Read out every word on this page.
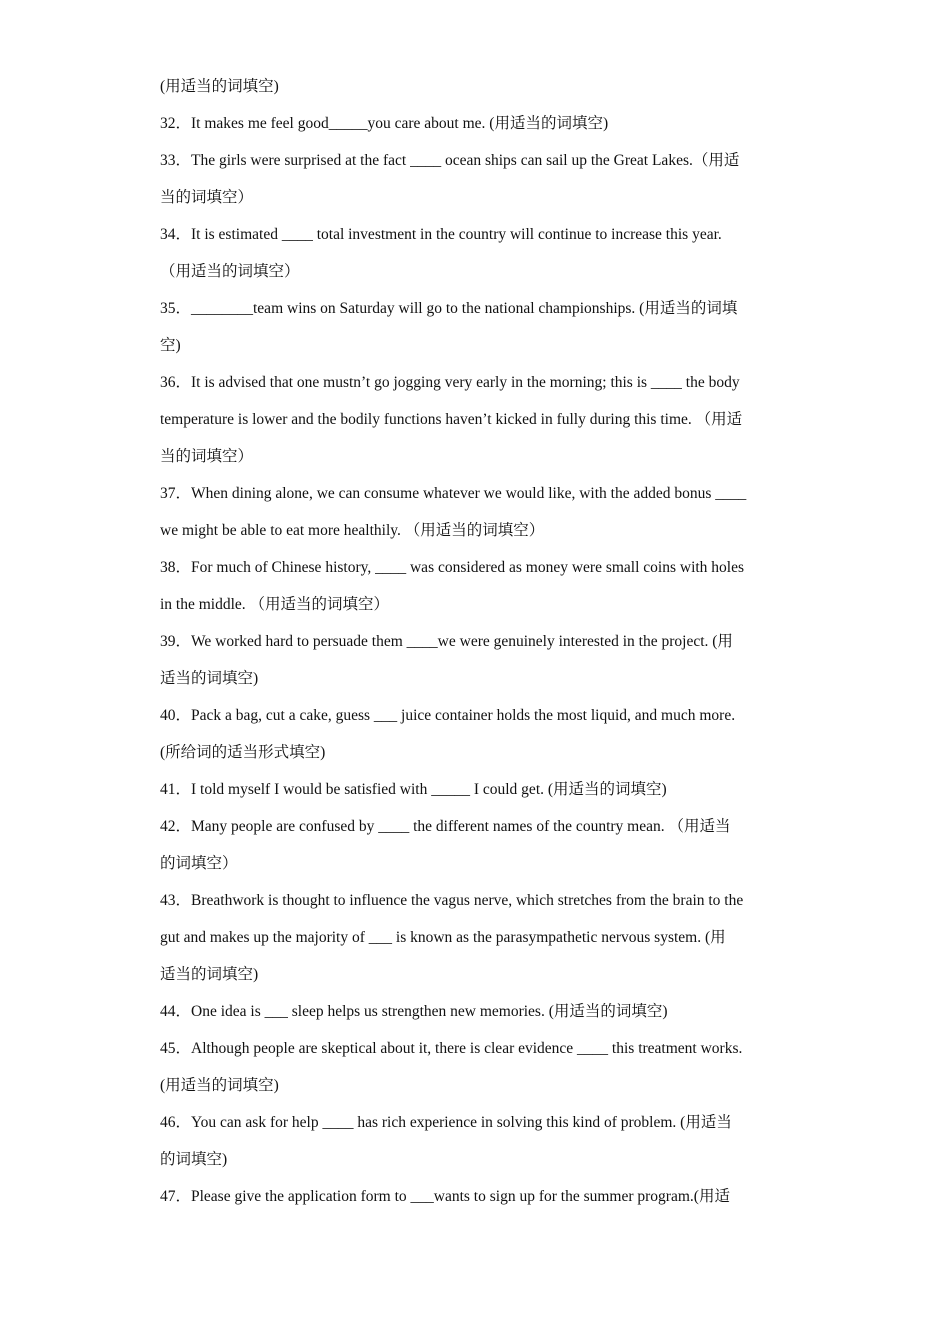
(用适当的词填空)
32．It makes me feel good_____you care about me. (用适当的词填空)
33．The girls were surprised at the fact ____ ocean ships can sail up the Great Lakes.（用适
当的词填空）
34．It is estimated ____ total investment in the country will continue to increase this year.
（用适当的词填空）
35．________team wins on Saturday will go to the national championships. (用适当的词填
空)
36．It is advised that one mustn’t go jogging very early in the morning; this is ____ the body
temperature is lower and the bodily functions haven’t kicked in fully during this time. （用适
当的词填空）
37．When dining alone, we can consume whatever we would like, with the added bonus ____
we might be able to eat more healthily. （用适当的词填空）
38．For much of Chinese history, ____ was considered as money were small coins with holes
in the middle. （用适当的词填空）
39．We worked hard to persuade them ____we were genuinely interested in the project. (用
适当的词填空)
40．Pack a bag, cut a cake, guess ___ juice container holds the most liquid, and much more.
(所给词的适当形式填空)
41．I told myself I would be satisfied with _____ I could get. (用适当的词填空)
42．Many people are confused by ____ the different names of the country mean. （用适当
的词填空）
43．Breathwork is thought to influence the vagus nerve, which stretches from the brain to the
gut and makes up the majority of ___ is known as the parasympathetic nervous system. (用
适当的词填空)
44．One idea is ___ sleep helps us strengthen new memories. (用适当的词填空)
45．Although people are skeptical about it, there is clear evidence ____ this treatment works.
(用适当的词填空)
46．You can ask for help ____ has rich experience in solving this kind of problem. (用适当
的词填空)
47．Please give the application form to ___wants to sign up for the summer program.(用适
